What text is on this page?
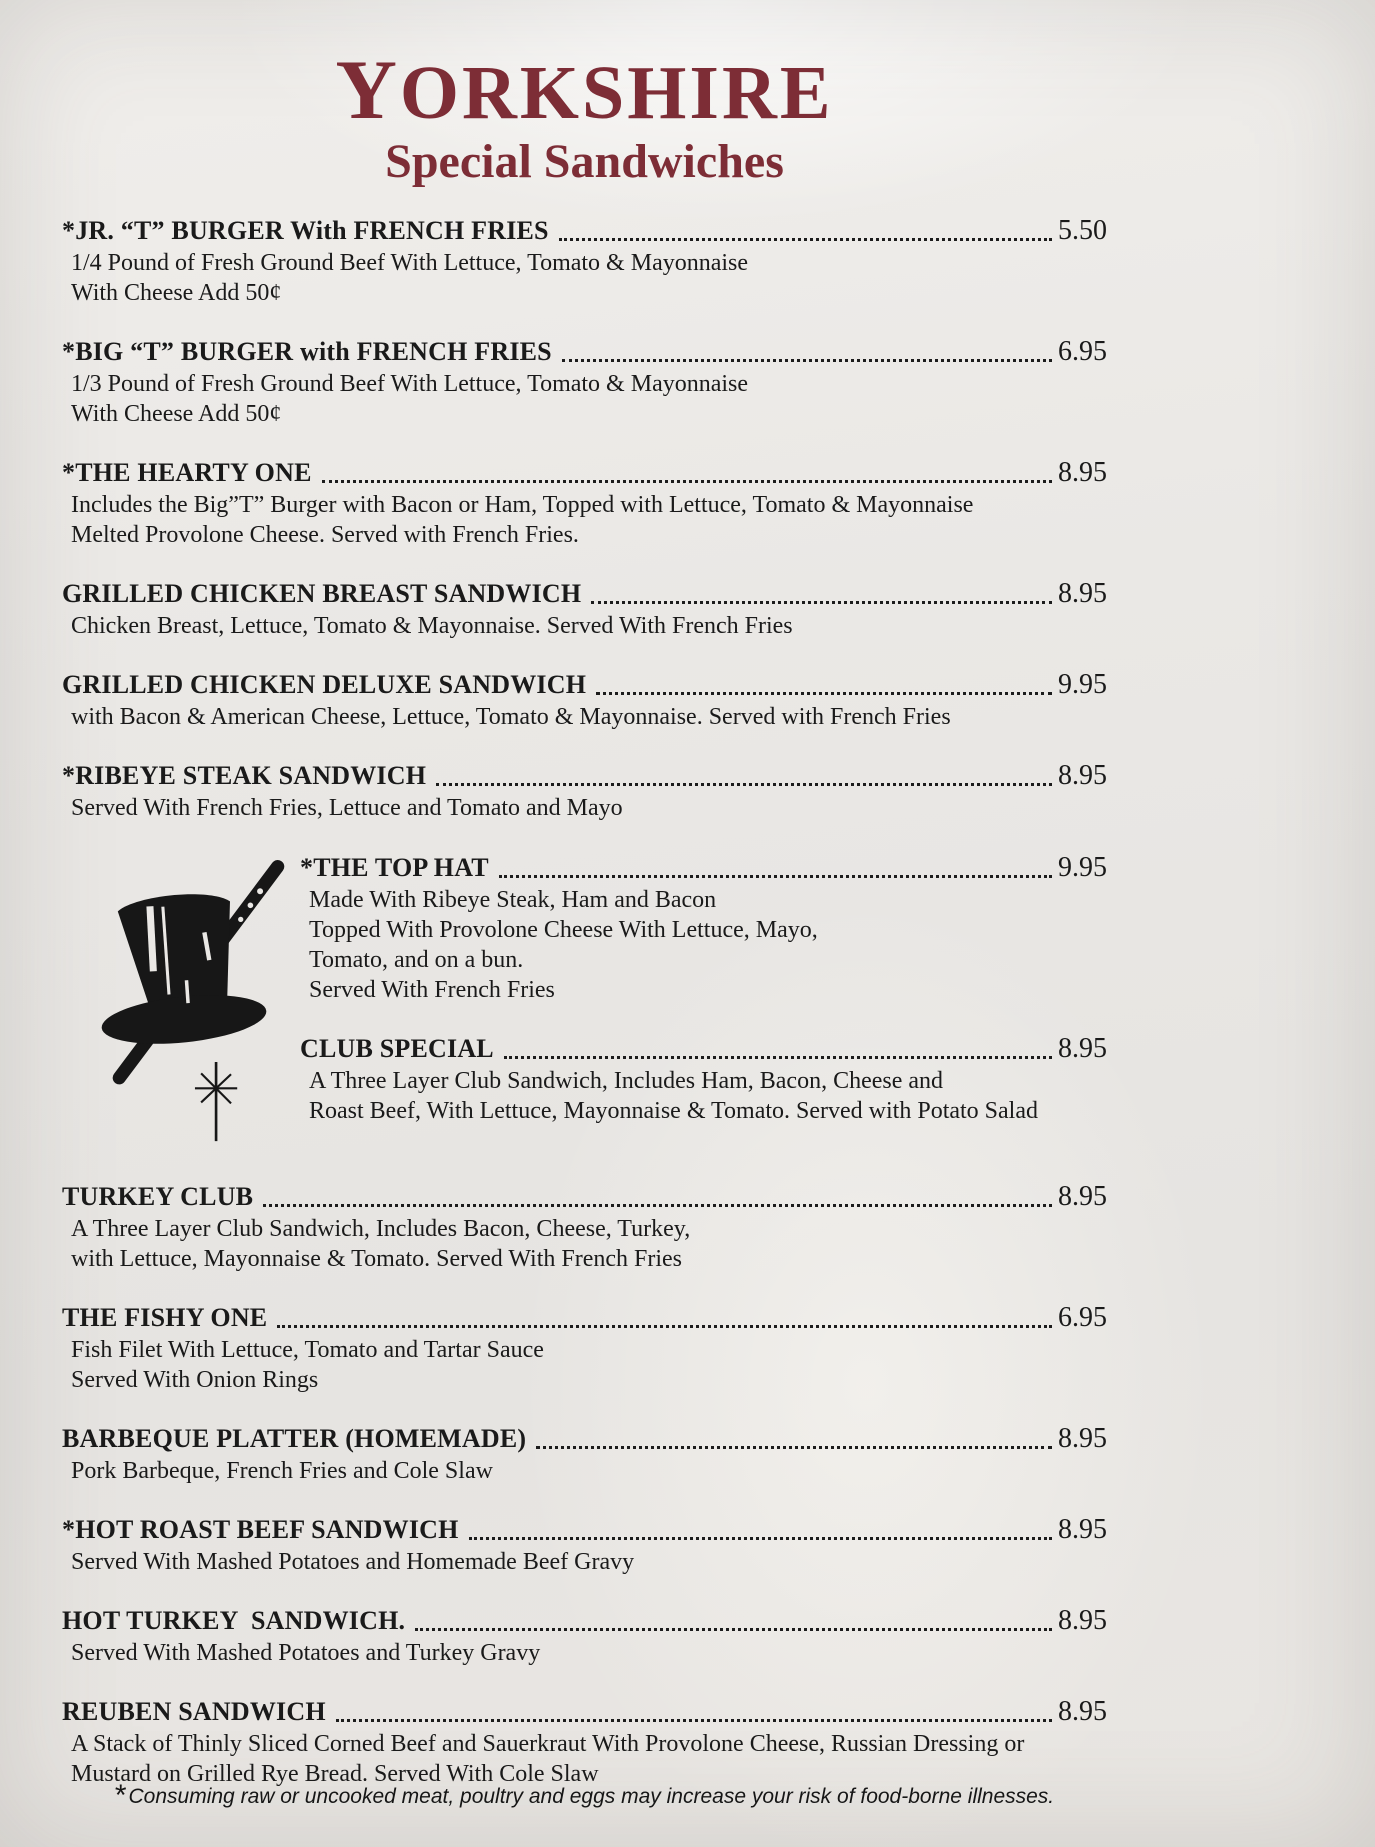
YORKSHIRE
Special Sandwiches
*JR. “T” BURGER With FRENCH FRIES	5.50
1/4 Pound of Fresh Ground Beef With Lettuce, Tomato & Mayonnaise
With Cheese Add 50¢
*BIG “T” BURGER with FRENCH FRIES	6.95
1/3 Pound of Fresh Ground Beef With Lettuce, Tomato & Mayonnaise
With Cheese Add 50¢
*THE HEARTY ONE	8.95
Includes the Big”T” Burger with Bacon or Ham, Topped with Lettuce, Tomato & Mayonnaise
Melted Provolone Cheese. Served with French Fries.
GRILLED CHICKEN BREAST SANDWICH	8.95
Chicken Breast, Lettuce, Tomato & Mayonnaise. Served With French Fries
GRILLED CHICKEN DELUXE SANDWICH	9.95
with Bacon & American Cheese, Lettuce, Tomato & Mayonnaise. Served with French Fries
*RIBEYE STEAK SANDWICH	8.95
Served With French Fries, Lettuce and Tomato and Mayo
*THE TOP HAT	9.95
Made With Ribeye Steak, Ham and Bacon
Topped With Provolone Cheese With Lettuce, Mayo,
Tomato, and on a bun.
Served With French Fries
CLUB SPECIAL	8.95
A Three Layer Club Sandwich, Includes Ham, Bacon, Cheese and
Roast Beef, With Lettuce, Mayonnaise & Tomato. Served with Potato Salad
TURKEY CLUB	8.95
A Three Layer Club Sandwich, Includes Bacon, Cheese, Turkey,
with Lettuce, Mayonnaise & Tomato. Served With French Fries
THE FISHY ONE	6.95
Fish Filet With Lettuce, Tomato and Tartar Sauce
Served With Onion Rings
BARBEQUE PLATTER (HOMEMADE)	8.95
Pork Barbeque, French Fries and Cole Slaw
*HOT ROAST BEEF SANDWICH	8.95
Served With Mashed Potatoes and Homemade Beef Gravy
HOT TURKEY  SANDWICH.	8.95
Served With Mashed Potatoes and Turkey Gravy
REUBEN SANDWICH	8.95
A Stack of Thinly Sliced Corned Beef and Sauerkraut With Provolone Cheese, Russian Dressing or
Mustard on Grilled Rye Bread. Served With Cole Slaw
*Consuming raw or uncooked meat, poultry and eggs may increase your risk of food-borne illnesses.
